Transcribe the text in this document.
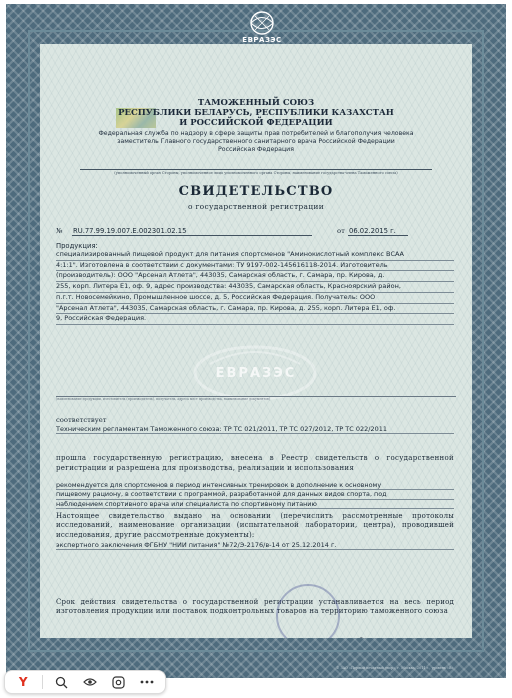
ЕВРАЗЭС
ТАМОЖЕННЫЙ СОЮЗ
РЕСПУБЛИКИ БЕЛАРУСЬ, РЕСПУБЛИКИ КАЗАХСТАН
И РОССИЙСКОЙ ФЕДЕРАЦИИ
Федеральная служба по надзору в сфере защиты прав потребителей и благополучия человека
заместитель Главного государственного санитарного врача Российской Федерации
Российская Федерация
(уполномоченный орган Стороны, уполномоченное лицо уполномоченного органа Стороны, наименование государства-члена Таможенного союза)
СВИДЕТЕЛЬСТВО
о государственной регистрации
№ RU.77.99.19.007.Е.002301.02.15	от 06.02.2015 г.
Продукция:
специализированный пищевой продукт для питания спортсменов "Аминокислотный комплекс ВСАА
4:1:1". Изготовлена в соответствии с документами: ТУ 9197-002-145616118-2014. Изготовитель
(производитель): ООО "Арсенал Атлета", 443035, Самарская область, г. Самара, пр. Кирова, д.
255, корп. Литера Е1, оф. 9, адрес производства: 443035, Самарская область, Красноярский район,
п.г.т. Новосемейкино, Промышленное шоссе, д. 5, Российская Федерация. Получатель: ООО
"Арсенал Атлета", 443035, Самарская область, г. Самара, пр. Кирова, д. 255, корп. Литера Е1, оф.
9, Российская Федерация.
ЕВРАЗЭС
(наименование продукции, изготовитель (производитель), получатель, адреса мест производства, наименование документов)
соответствует
Техническим регламентам Таможенного союза: ТР ТС 021/2011, ТР ТС 027/2012, ТР ТС 022/2011
прошла государственную регистрацию, внесена в Реестр свидетельств о государственной регистрации и разрешена для производства, реализации и использования
рекомендуется для спортсменов в период интенсивных тренировок в дополнение к основному
пищевому рациону, в соответствии с программой, разработанной для данных видов спорта, под
наблюдением спортивного врача или специалиста по спортивному питанию
Настоящее свидетельство выдано на основании (перечислить рассмотренные протоколы исследований, наименование организации (испытательной лаборатории, центра), проводившей исследования, другие рассмотренные документы):
экспертного заключения ФГБНУ "НИИ питания" №72/Э-2176/в-14 от 25.12.2014 г.
Срок действия свидетельства о государственной регистрации устанавливается на весь период изготовления продукции или поставок подконтрольных товаров на территорию таможенного союза
© ЗАО «Первый печатный двор», г. Москва, 2011 г., уровень «В»
Y
